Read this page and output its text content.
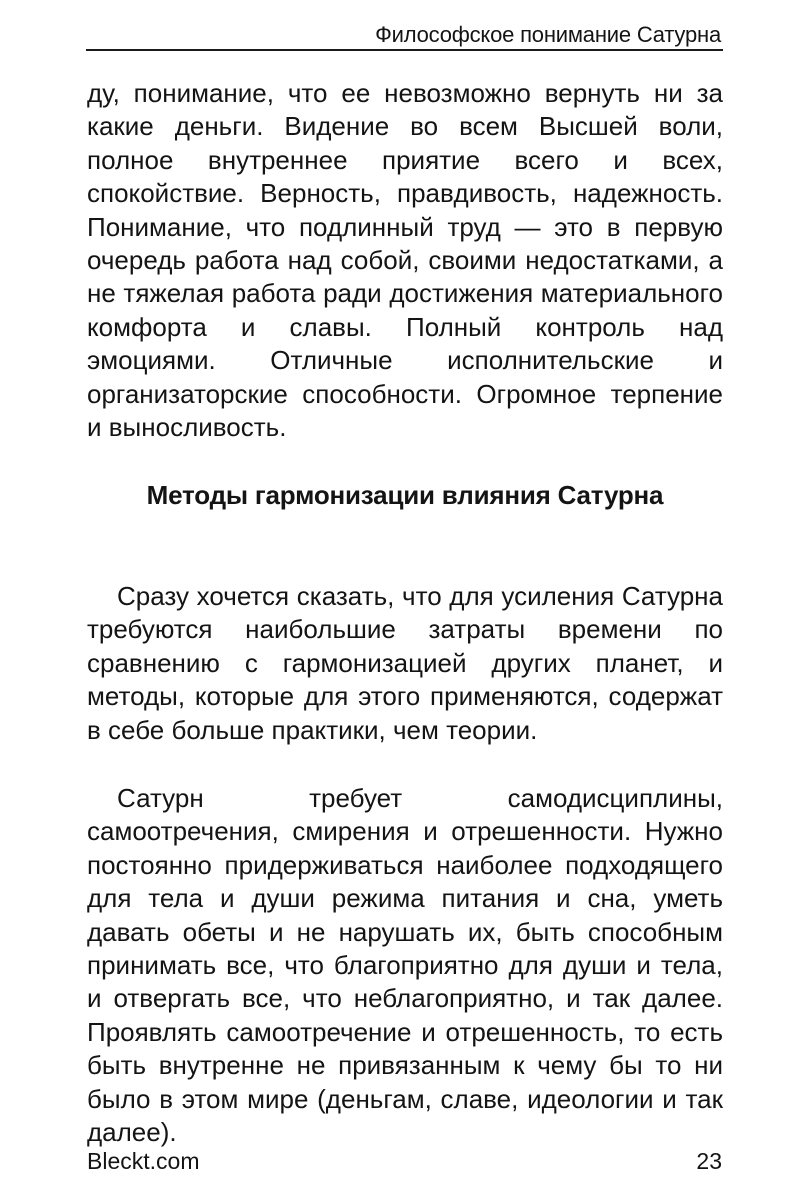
Философское понимание Сатурна

ду, понимание, что ее невозможно вернуть ни за какие деньги. Видение во всем Высшей воли, полное внутреннее приятие всего и всех, спокойствие. Верность, правдивость, надежность. Понимание, что подлинный труд — это в первую очередь работа над собой, своими недостатками, а не тяжелая работа ради достижения материального комфорта и славы. Полный контроль над эмоциями. Отличные исполнительские и организаторские способности. Огромное терпение и выносливость.

Методы гармонизации влияния Сатурна

Сразу хочется сказать, что для усиления Сатурна требуются наибольшие затраты времени по сравнению с гармонизацией других планет, и методы, которые для этого применяются, содержат в себе больше практики, чем теории.

Сатурн требует самодисциплины, самоотречения, смирения и отрешенности. Нужно постоянно придерживаться наиболее подходящего для тела и души режима питания и сна, уметь давать обеты и не нарушать их, быть способным принимать все, что благоприятно для души и тела, и отвергать все, что неблагоприятно, и так далее. Проявлять самоотречение и отрешенность, то есть быть внутренне не привязанным к чему бы то ни было в этом мире (деньгам, славе, идеологии и так далее).

Bleckt.com	23
